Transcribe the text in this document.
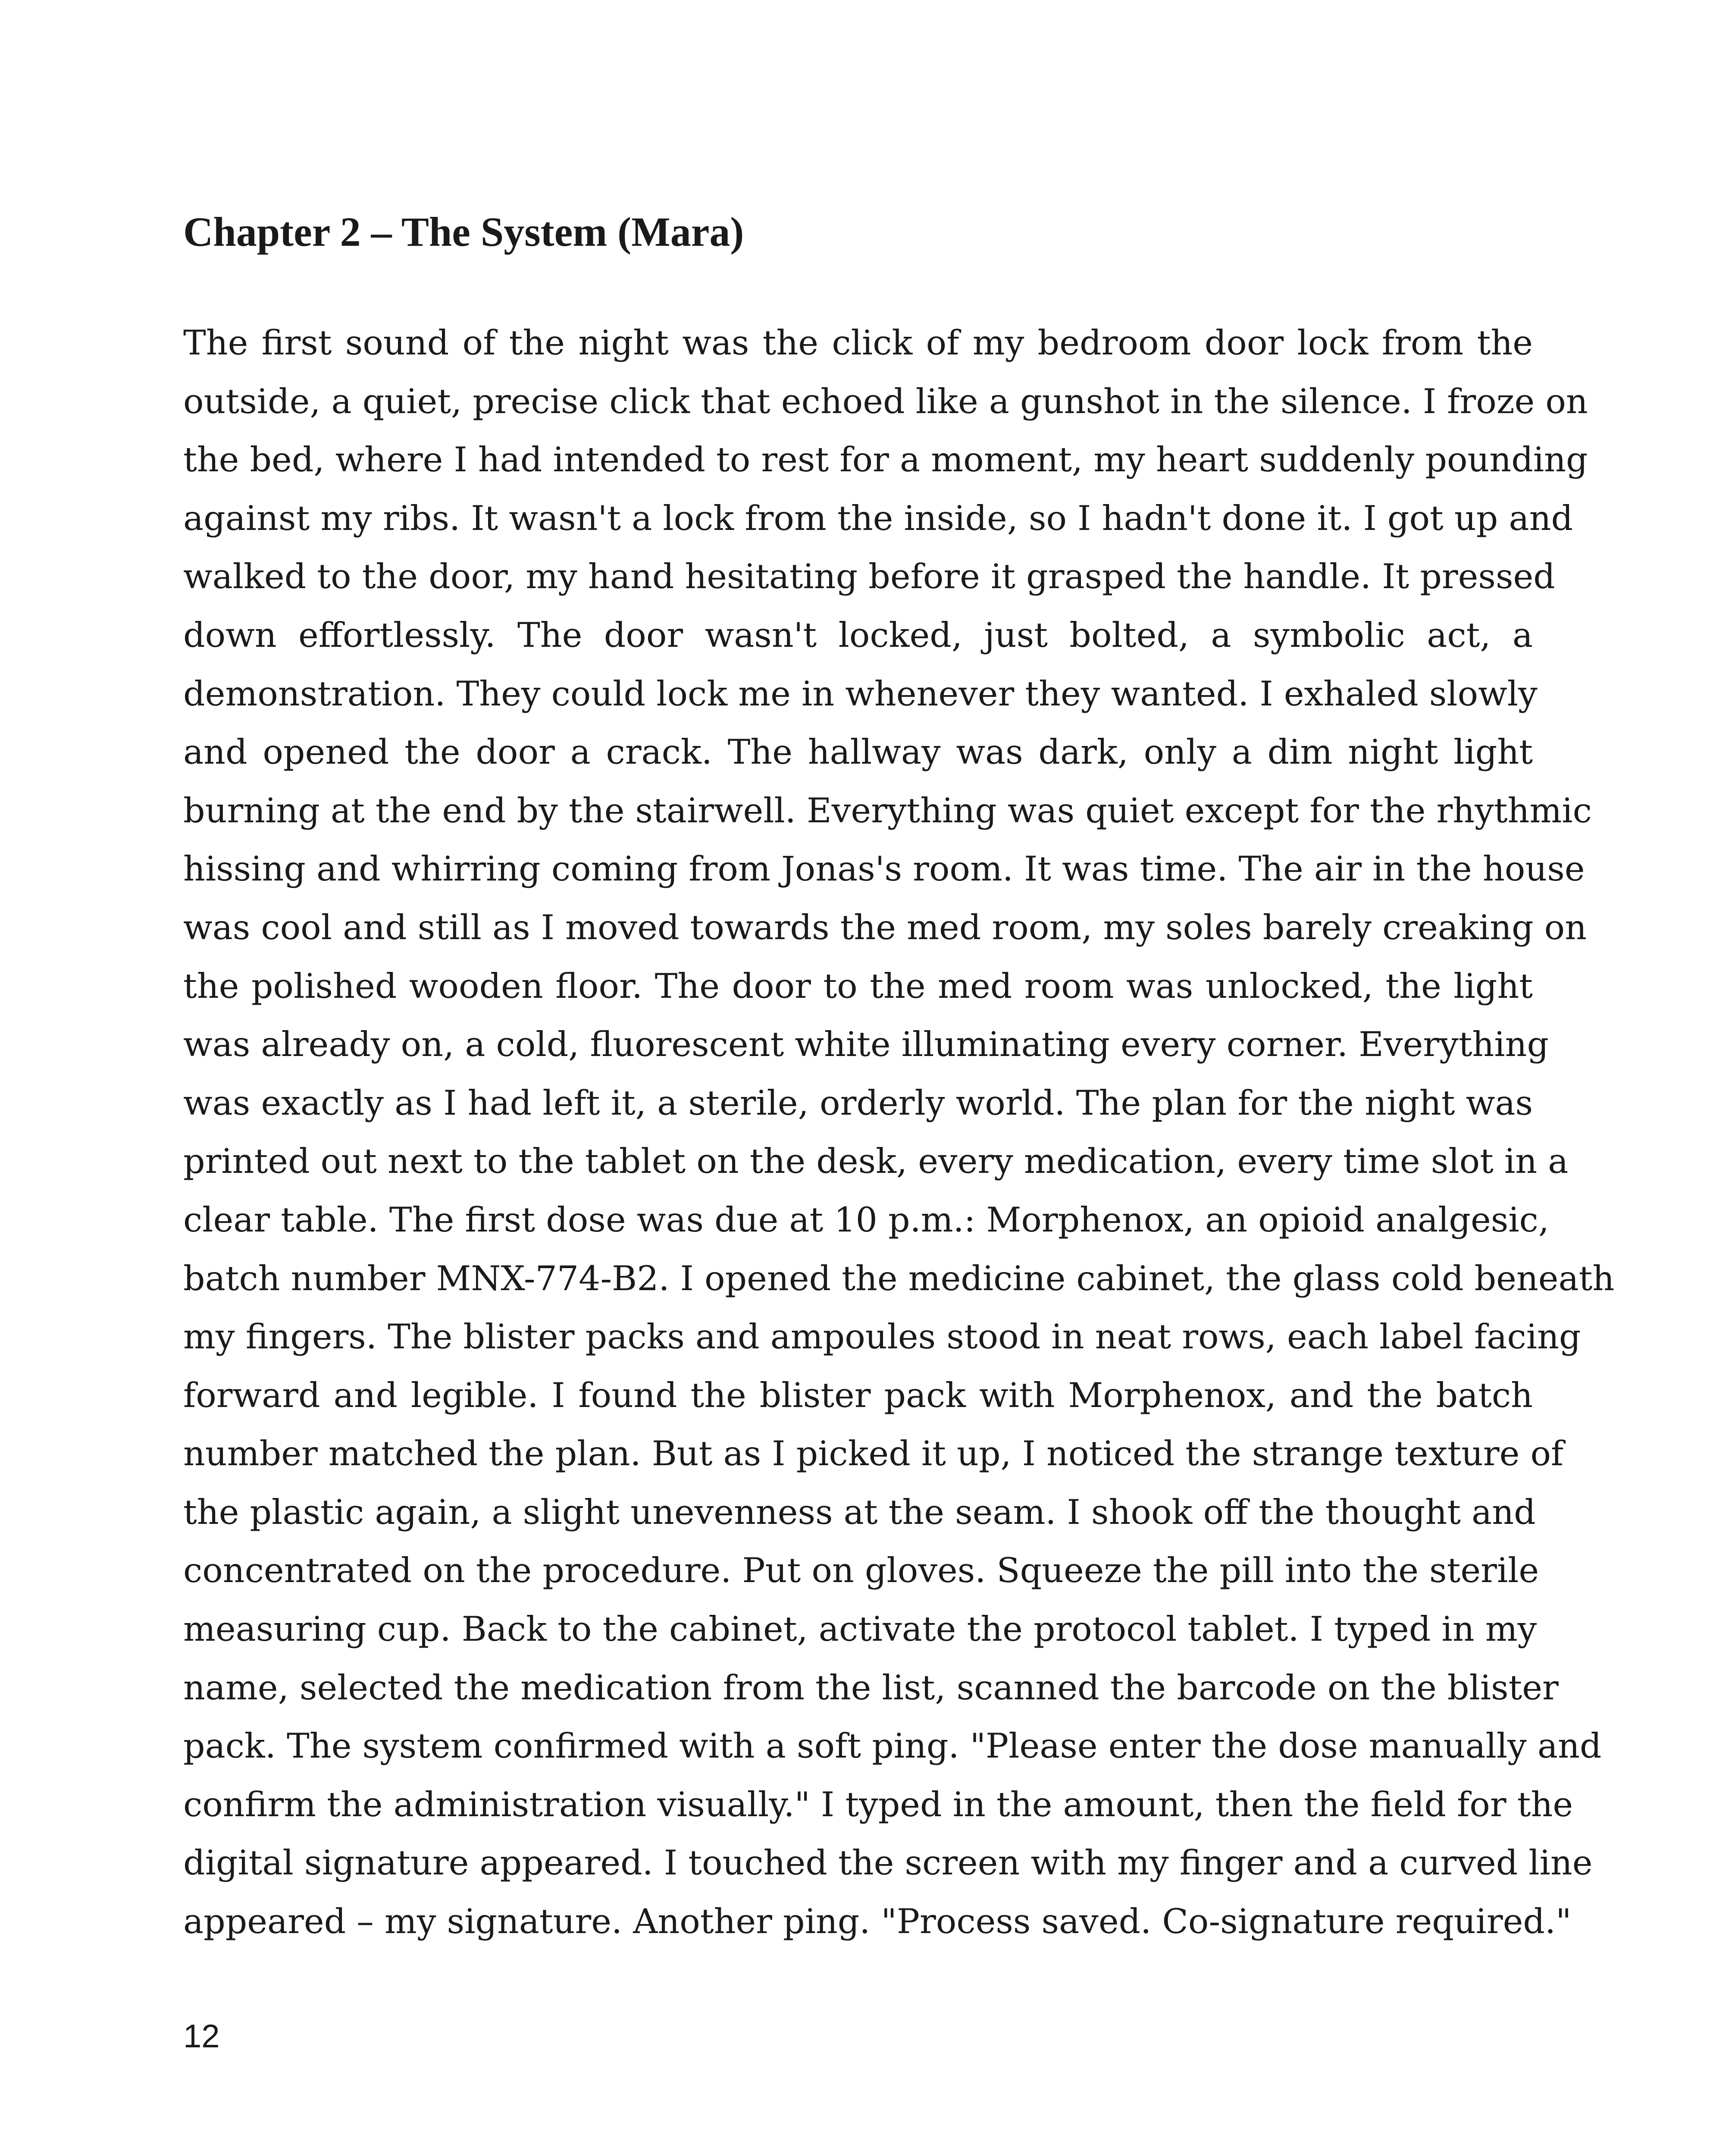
Chapter 2 – The System (Mara)
The first sound of the night was the click of my bedroom door lock from the
outside, a quiet, precise click that echoed like a gunshot in the silence. I froze on
the bed, where I had intended to rest for a moment, my heart suddenly pounding
against my ribs. It wasn't a lock from the inside, so I hadn't done it. I got up and
walked to the door, my hand hesitating before it grasped the handle. It pressed
down effortlessly. The door wasn't locked, just bolted, a symbolic act, a
demonstration. They could lock me in whenever they wanted. I exhaled slowly
and opened the door a crack. The hallway was dark, only a dim night light
burning at the end by the stairwell. Everything was quiet except for the rhythmic
hissing and whirring coming from Jonas's room. It was time. The air in the house
was cool and still as I moved towards the med room, my soles barely creaking on
the polished wooden floor. The door to the med room was unlocked, the light
was already on, a cold, fluorescent white illuminating every corner. Everything
was exactly as I had left it, a sterile, orderly world. The plan for the night was
printed out next to the tablet on the desk, every medication, every time slot in a
clear table. The first dose was due at 10 p.m.: Morphenox, an opioid analgesic,
batch number MNX-774-B2. I opened the medicine cabinet, the glass cold beneath
my fingers. The blister packs and ampoules stood in neat rows, each label facing
forward and legible. I found the blister pack with Morphenox, and the batch
number matched the plan. But as I picked it up, I noticed the strange texture of
the plastic again, a slight unevenness at the seam. I shook off the thought and
concentrated on the procedure. Put on gloves. Squeeze the pill into the sterile
measuring cup. Back to the cabinet, activate the protocol tablet. I typed in my
name, selected the medication from the list, scanned the barcode on the blister
pack. The system confirmed with a soft ping. "Please enter the dose manually and
confirm the administration visually." I typed in the amount, then the field for the
digital signature appeared. I touched the screen with my finger and a curved line
appeared – my signature. Another ping. "Process saved. Co-signature required."
12
